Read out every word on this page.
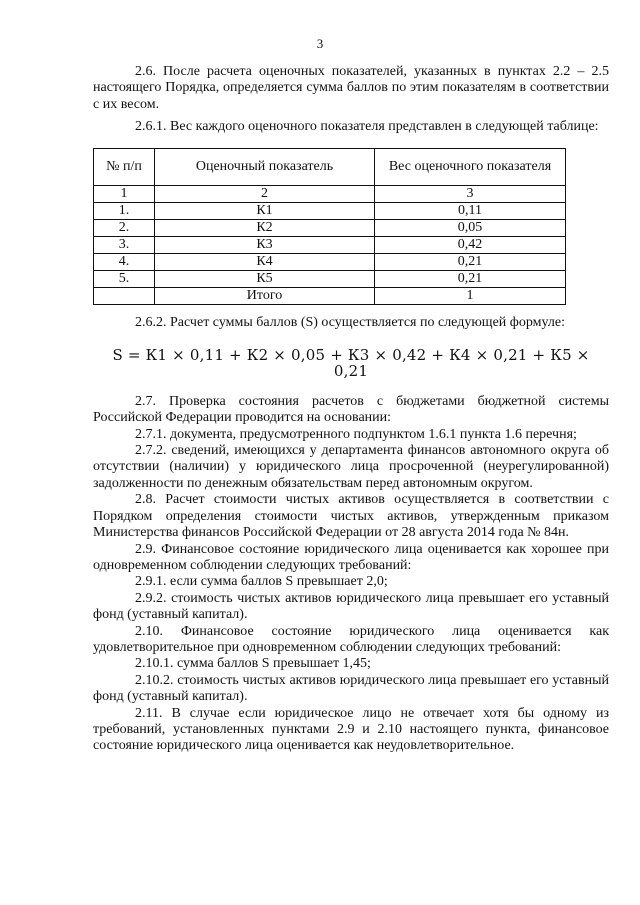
3

2.6. После расчета оценочных показателей, указанных в пунктах 2.2 – 2.5 настоящего Порядка, определяется сумма баллов по этим показателям в соответствии с их весом.

2.6.1. Вес каждого оценочного показателя представлен в следующей таблице:

№ п/п	Оценочный показатель	Вес оценочного показателя
1	2	3
1.	К1	0,11
2.	К2	0,05
3.	К3	0,42
4.	К4	0,21
5.	К5	0,21
	Итого	1

2.6.2. Расчет суммы баллов (S) осуществляется по следующей формуле:

S = К1 × 0,11 + К2 × 0,05 + К3 × 0,42 + К4 × 0,21 + К5 × 0,21

2.7. Проверка состояния расчетов с бюджетами бюджетной системы Российской Федерации проводится на основании:

2.7.1. документа, предусмотренного подпунктом 1.6.1 пункта 1.6 перечня;

2.7.2. сведений, имеющихся у департамента финансов автономного округа об отсутствии (наличии) у юридического лица просроченной (неурегулированной) задолженности по денежным обязательствам перед автономным округом.

2.8. Расчет стоимости чистых активов осуществляется в соответствии с Порядком определения стоимости чистых активов, утвержденным приказом Министерства финансов Российской Федерации от 28 августа 2014 года № 84н.

2.9. Финансовое состояние юридического лица оценивается как хорошее при одновременном соблюдении следующих требований:

2.9.1. если сумма баллов S превышает 2,0;

2.9.2. стоимость чистых активов юридического лица превышает его уставный фонд (уставный капитал).

2.10. Финансовое состояние юридического лица оценивается как удовлетворительное при одновременном соблюдении следующих требований:

2.10.1. сумма баллов S превышает 1,45;

2.10.2. стоимость чистых активов юридического лица превышает его уставный фонд (уставный капитал).

2.11. В случае если юридическое лицо не отвечает хотя бы одному из требований, установленных пунктами 2.9 и 2.10 настоящего пункта, финансовое состояние юридического лица оценивается как неудовлетворительное.
